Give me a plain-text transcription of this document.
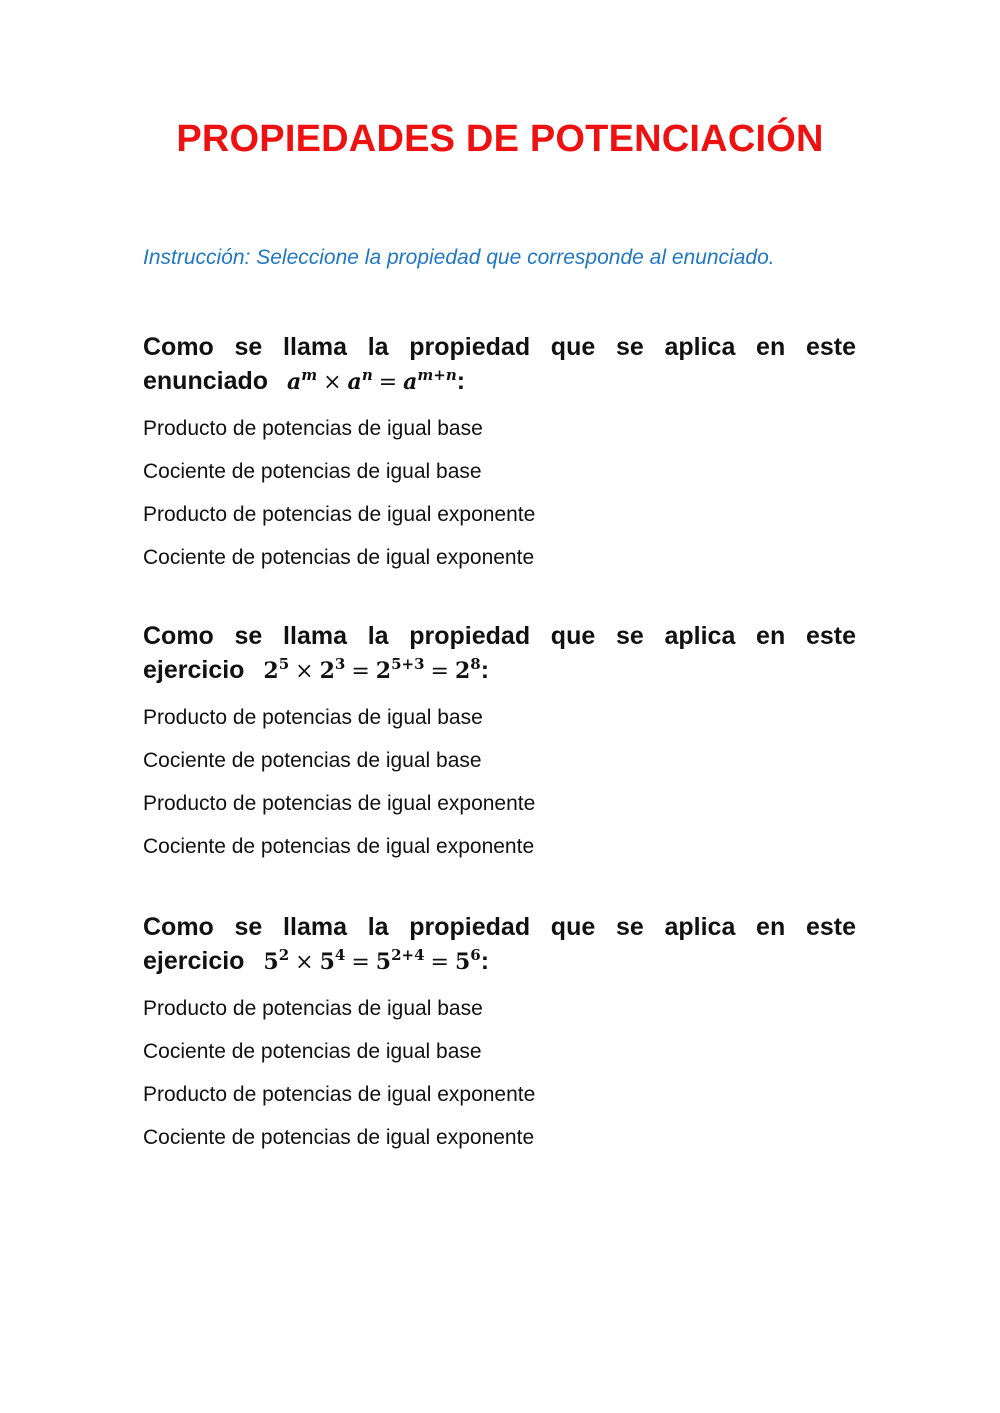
PROPIEDADES DE POTENCIACIÓN

Instrucción: Seleccione la propiedad que corresponde al enunciado.

Como se llama la propiedad que se aplica en este
enunciado $a^m \times a^n = a^{m+n}$:
Producto de potencias de igual base
Cociente de potencias de igual base
Producto de potencias de igual exponente
Cociente de potencias de igual exponente
Como se llama la propiedad que se aplica en este
ejercicio $2^5 \times 2^3 = 2^{5+3} = 2^8$:
Producto de potencias de igual base
Cociente de potencias de igual base
Producto de potencias de igual exponente
Cociente de potencias de igual exponente
Como se llama la propiedad que se aplica en este
ejercicio $5^2 \times 5^4 = 5^{2+4} = 5^6$:
Producto de potencias de igual base
Cociente de potencias de igual base
Producto de potencias de igual exponente
Cociente de potencias de igual exponente
